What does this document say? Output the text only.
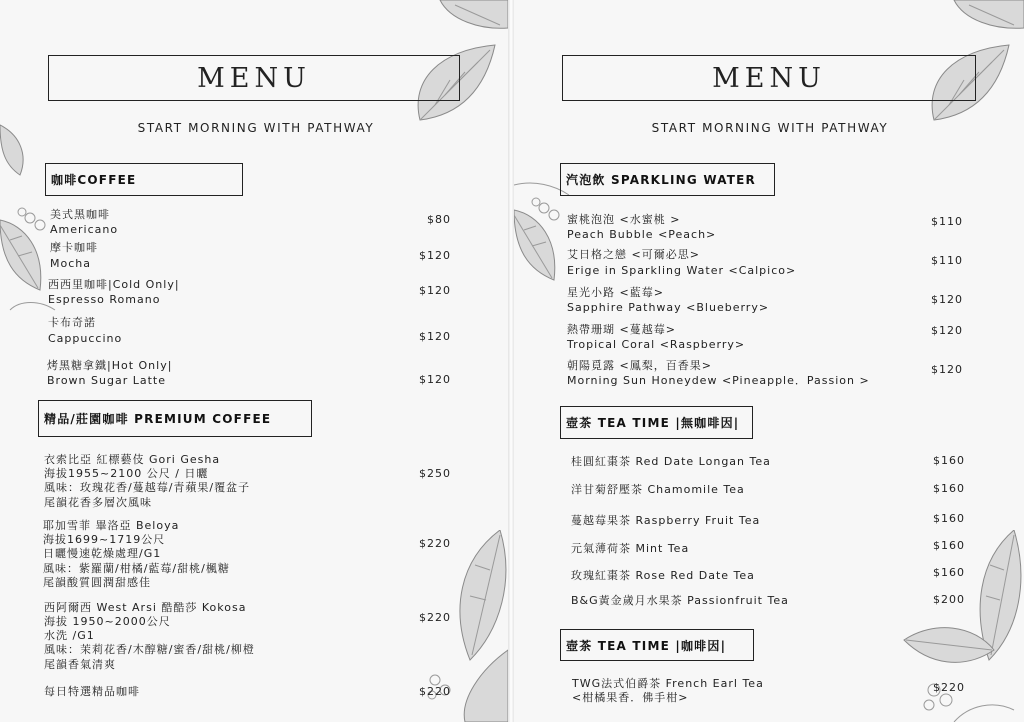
MENU
START MORNING WITH PATHWAY
咖啡COFFEE
美式黑咖啡
Americano
$80
摩卡咖啡
Mocha
$120
西西里咖啡|Cold Only|
Espresso Romano
$120
卡布奇諾
Cappuccino	$120
烤黑糖拿鐵|Hot Only|
Brown Sugar Latte	$120
精品/莊園咖啡 PREMIUM COFFEE
衣索比亞 紅標藝伎 Gori Gesha
海拔1955~2100 公尺 / 日曬
風味：玫瑰花香/蔓越莓/青蘋果/覆盆子
尾韻花香多層次風味
$250
耶加雪菲 畢洛亞 Beloya
海拔1699~1719公尺
日曬慢速乾燥處理/G1
風味：紫羅蘭/柑橘/藍莓/甜桃/楓糖
尾韻酸質圓潤甜感佳
$220
西阿爾西 West Arsi 酷酷莎 Kokosa
海拔 1950~2000公尺
水洗 /G1
風味：茉莉花香/木醇糖/蜜香/甜桃/柳橙
尾韻香氣清爽
$220
每日特選精品咖啡	$220
MENU
START MORNING WITH PATHWAY
汽泡飲 SPARKLING WATER
蜜桃泡泡 <水蜜桃 >
Peach Bubble <Peach>
$110
艾日格之戀 <可爾必思>
Erige in Sparkling Water <Calpico>
$110
星光小路 <藍莓>
Sapphire Pathway <Blueberry>
$120
熱帶珊瑚 <蔓越莓>
Tropical Coral <Raspberry>
$120
朝陽覓露 <鳳梨，百香果>
Morning Sun Honeydew <Pineapple．Passion >
$120
壺茶 TEA TIME |無咖啡因|
桂圓紅棗茶 Red Date Longan Tea	$160
洋甘菊舒壓茶 Chamomile Tea	$160
蔓越莓果茶 Raspberry Fruit Tea	$160
元氣薄荷茶 Mint Tea	$160
玫瑰紅棗茶 Rose Red Date Tea	$160
B&G黃金歲月水果茶 Passionfruit Tea	$200
壺茶 TEA TIME |咖啡因|
TWG法式伯爵茶 French Earl Tea
<柑橘果香．佛手柑>
$220
